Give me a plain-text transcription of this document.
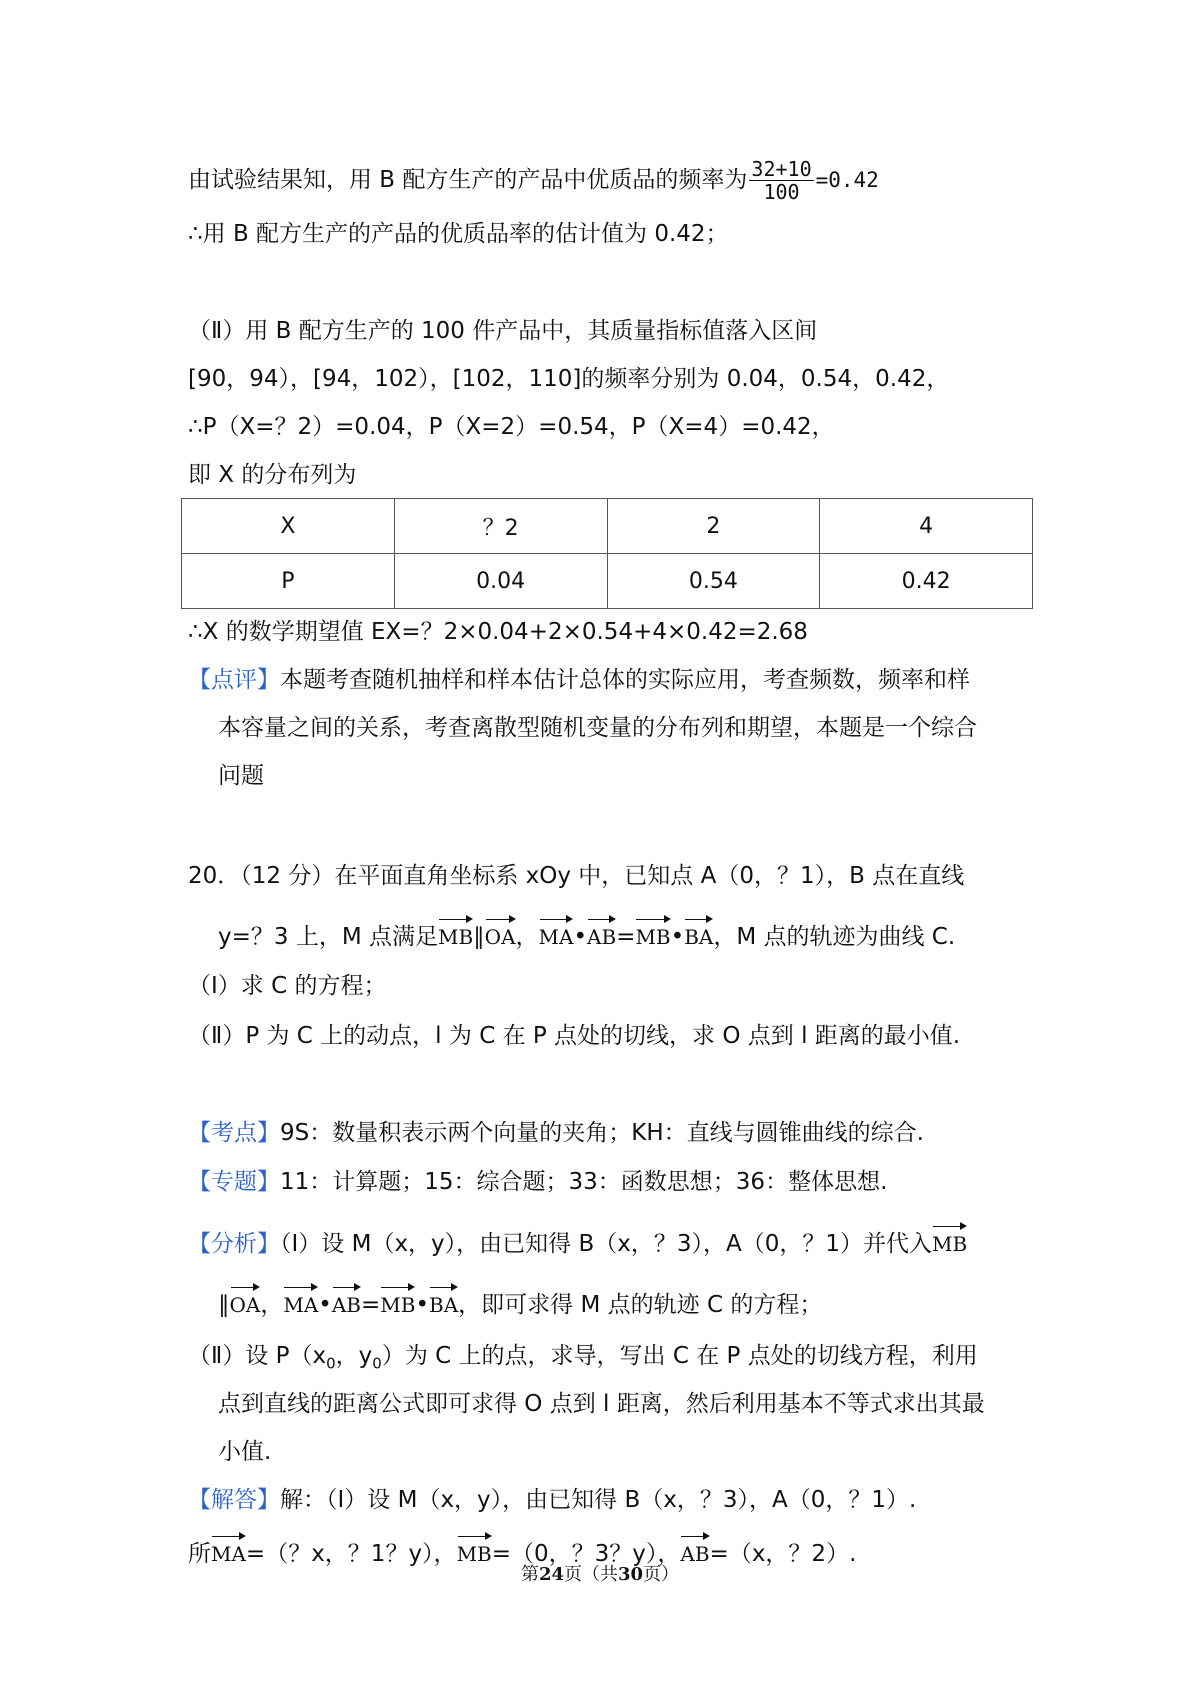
由试验结果知，用 B 配方生产的产品中优质品的频率为 $\frac{32+10}{100} =0.42$
∴用 B 配方生产的产品的优质品率的估计值为 0.42；
（Ⅱ）用 B 配方生产的 100 件产品中，其质量指标值落入区间
[90，94），[94，102），[102，110]的频率分别为 0.04，0.54，0.42，
∴P（X=？2）=0.04，P（X=2）=0.54，P（X=4）=0.42，
即 X 的分布列为
X	？2	2	4
P	0.04	0.54	0.42
∴X 的数学期望值 EX=？2×0.04+2×0.54+4×0.42=2.68
【点评】本题考查随机抽样和样本估计总体的实际应用，考查频数，频率和样
本容量之间的关系，考查离散型随机变量的分布列和期望，本题是一个综合
问题
20．（12 分）在平面直角坐标系 xOy 中，已知点 A（0，？1），B 点在直线
y=？3 上，M 点满足MB∥OA，MA•AB=MB•BA，M 点的轨迹为曲线 C.
（Ⅰ）求 C 的方程；
（Ⅱ）P 为 C 上的动点，l 为 C 在 P 点处的切线，求 O 点到 l 距离的最小值.
【考点】9S：数量积表示两个向量的夹角；KH：直线与圆锥曲线的综合.
【专题】11：计算题；15：综合题；33：函数思想；36：整体思想.
【分析】（Ⅰ）设 M（x，y），由已知得 B（x，？3），A（0，？1）并代入MB
∥OA，MA•AB=MB•BA，即可求得 M 点的轨迹 C 的方程；
（Ⅱ）设 $P(x_0$，$y_0$）为 C 上的点，求导，写出 C 在 P 点处的切线方程，利用
点到直线的距离公式即可求得 O 点到 l 距离，然后利用基本不等式求出其最
小值.
【解答】解：（Ⅰ）设 M（x，y），由已知得 B（x，？3），A（0，？1）.
所MA=（？x，？1？y），MB=（0，？3？y），AB=（x，？2）.
第24页（共30页）
